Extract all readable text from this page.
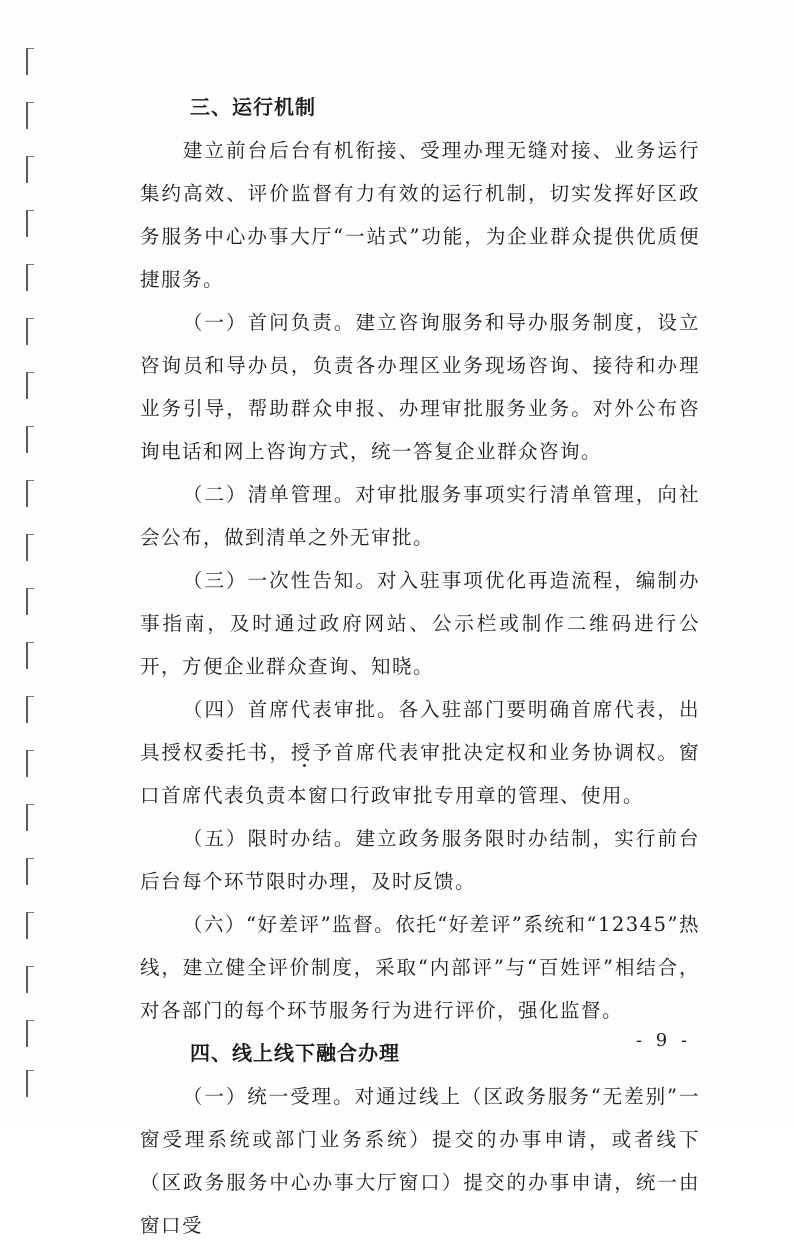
三、运行机制

建立前台后台有机衔接、受理办理无缝对接、业务运行集约高效、评价监督有力有效的运行机制，切实发挥好区政务服务中心办事大厅“一站式”功能，为企业群众提供优质便捷服务。

（一）首问负责。建立咨询服务和导办服务制度，设立咨询员和导办员，负责各办理区业务现场咨询、接待和办理业务引导，帮助群众申报、办理审批服务业务。对外公布咨询电话和网上咨询方式，统一答复企业群众咨询。

（二）清单管理。对审批服务事项实行清单管理，向社会公布，做到清单之外无审批。

（三）一次性告知。对入驻事项优化再造流程，编制办事指南，及时通过政府网站、公示栏或制作二维码进行公开，方便企业群众查询、知晓。

（四）首席代表审批。各入驻部门要明确首席代表，出具授权委托书，授予首席代表审批决定权和业务协调权。窗口首席代表负责本窗口行政审批专用章的管理、使用。

（五）限时办结。建立政务服务限时办结制，实行前台后台每个环节限时办理，及时反馈。

（六）“好差评”监督。依托“好差评”系统和“12345”热线，建立健全评价制度，采取“内部评”与“百姓评”相结合，对各部门的每个环节服务行为进行评价，强化监督。

四、线上线下融合办理

（一）统一受理。对通过线上（区政务服务“无差别”一窗受理系统或部门业务系统）提交的办事申请，或者线下（区政务服务中心办事大厅窗口）提交的办事申请，统一由窗口受

- 9 -
